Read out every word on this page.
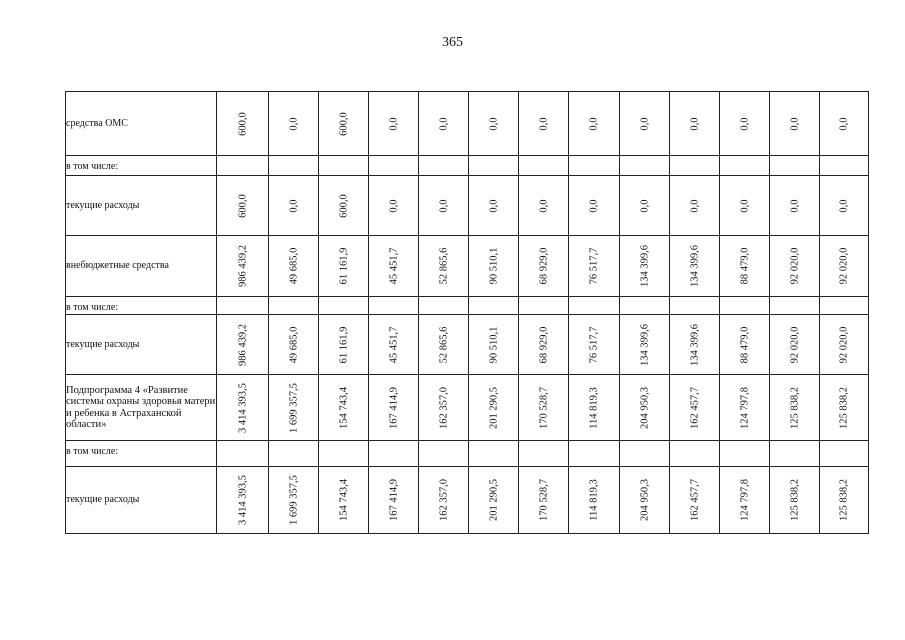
365
средства ОМС	600,0	0,0	600,0	0,0	0,0	0,0	0,0	0,0	0,0	0,0	0,0	0,0	0,0

в том числе:													
текущие расходы	600,0	0,0	600,0	0,0	0,0	0,0	0,0	0,0	0,0	0,0	0,0	0,0	0,0

внебюджетные средства	986 439,2	49 685,0	61 161,9	45 451,7	52 865,6	90 510,1	68 929,0	76 517,7	134 399,6	134 399,6	88 479,0	92 020,0	92 020,0

в том числе:													
текущие расходы	986 439,2	49 685,0	61 161,9	45 451,7	52 865,6	90 510,1	68 929,0	76 517,7	134 399,6	134 399,6	88 479,0	92 020,0	92 020,0

Подпрограмма 4 «Развитие системы охраны здоровья матери и ребенка в Астраханской области»	3 414 393,5	1 699 357,5	154 743,4	167 414,9	162 357,0	201 290,5	170 528,7	114 819,3	204 950,3	162 457,7	124 797,8	125 838,2	125 838,2

в том числе:													
текущие расходы	3 414 393,5	1 699 357,5	154 743,4	167 414,9	162 357,0	201 290,5	170 528,7	114 819,3	204 950,3	162 457,7	124 797,8	125 838,2	125 838,2
